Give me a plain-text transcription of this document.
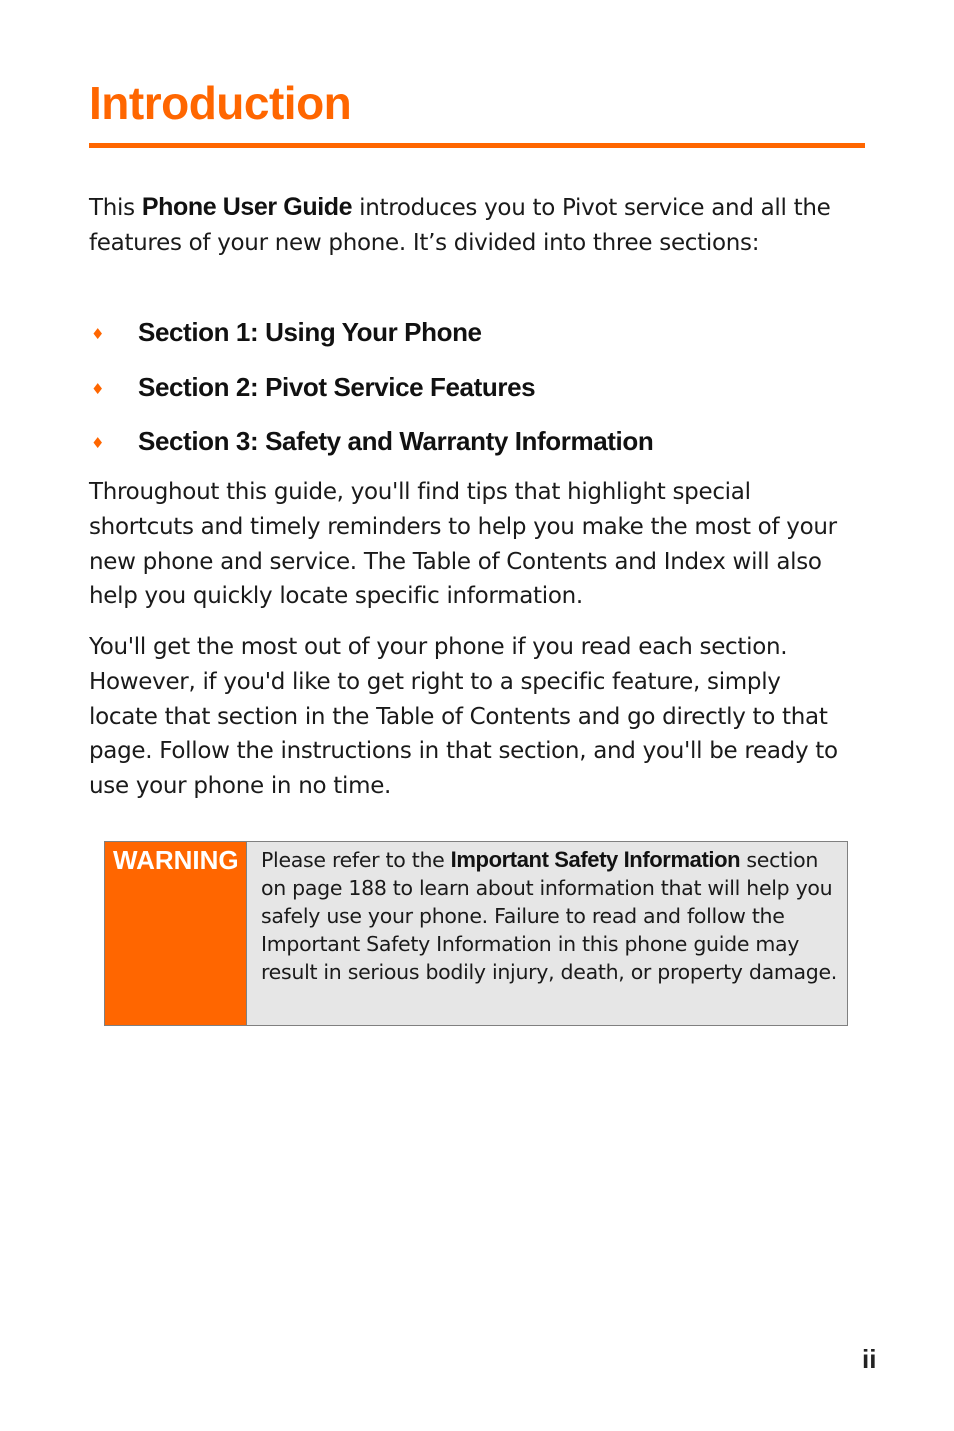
Introduction

This Phone User Guide introduces you to Pivot service and all the features of your new phone. It’s divided into three sections:

♦	Section 1: Using Your Phone
♦	Section 2: Pivot Service Features
♦	Section 3: Safety and Warranty Information

Throughout this guide, you'll find tips that highlight special shortcuts and timely reminders to help you make the most of your new phone and service. The Table of Contents and Index will also help you quickly locate specific information.

You'll get the most out of your phone if you read each section. However, if you'd like to get right to a specific feature, simply locate that section in the Table of Contents and go directly to that page. Follow the instructions in that section, and you'll be ready to use your phone in no time.

WARNING	Please refer to the Important Safety Information section on page 188 to learn about information that will help you safely use your phone. Failure to read and follow the Important Safety Information in this phone guide may result in serious bodily injury, death, or property damage.
ii
